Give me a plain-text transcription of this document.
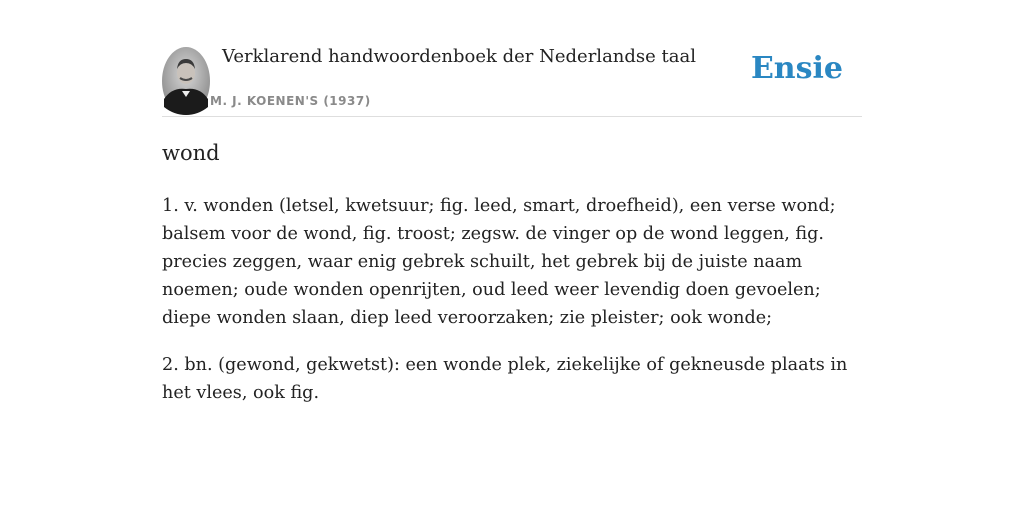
Verklarend handwoordenboek der Nederlandse taal
M. J. KOENEN'S (1937)
Ensie
wond

1. v. wonden (letsel, kwetsuur; fig. leed, smart, droefheid), een verse wond; balsem voor de wond, fig. troost; zegsw. de vinger op de wond leggen, fig. precies zeggen, waar enig gebrek schuilt, het gebrek bij de juiste naam noemen; oude wonden openrijten, oud leed weer levendig doen gevoelen; diepe wonden slaan, diep leed veroorzaken; zie pleister; ook wonde;

2. bn. (gewond, gekwetst): een wonde plek, ziekelijke of gekneusde plaats in het vlees, ook fig.
